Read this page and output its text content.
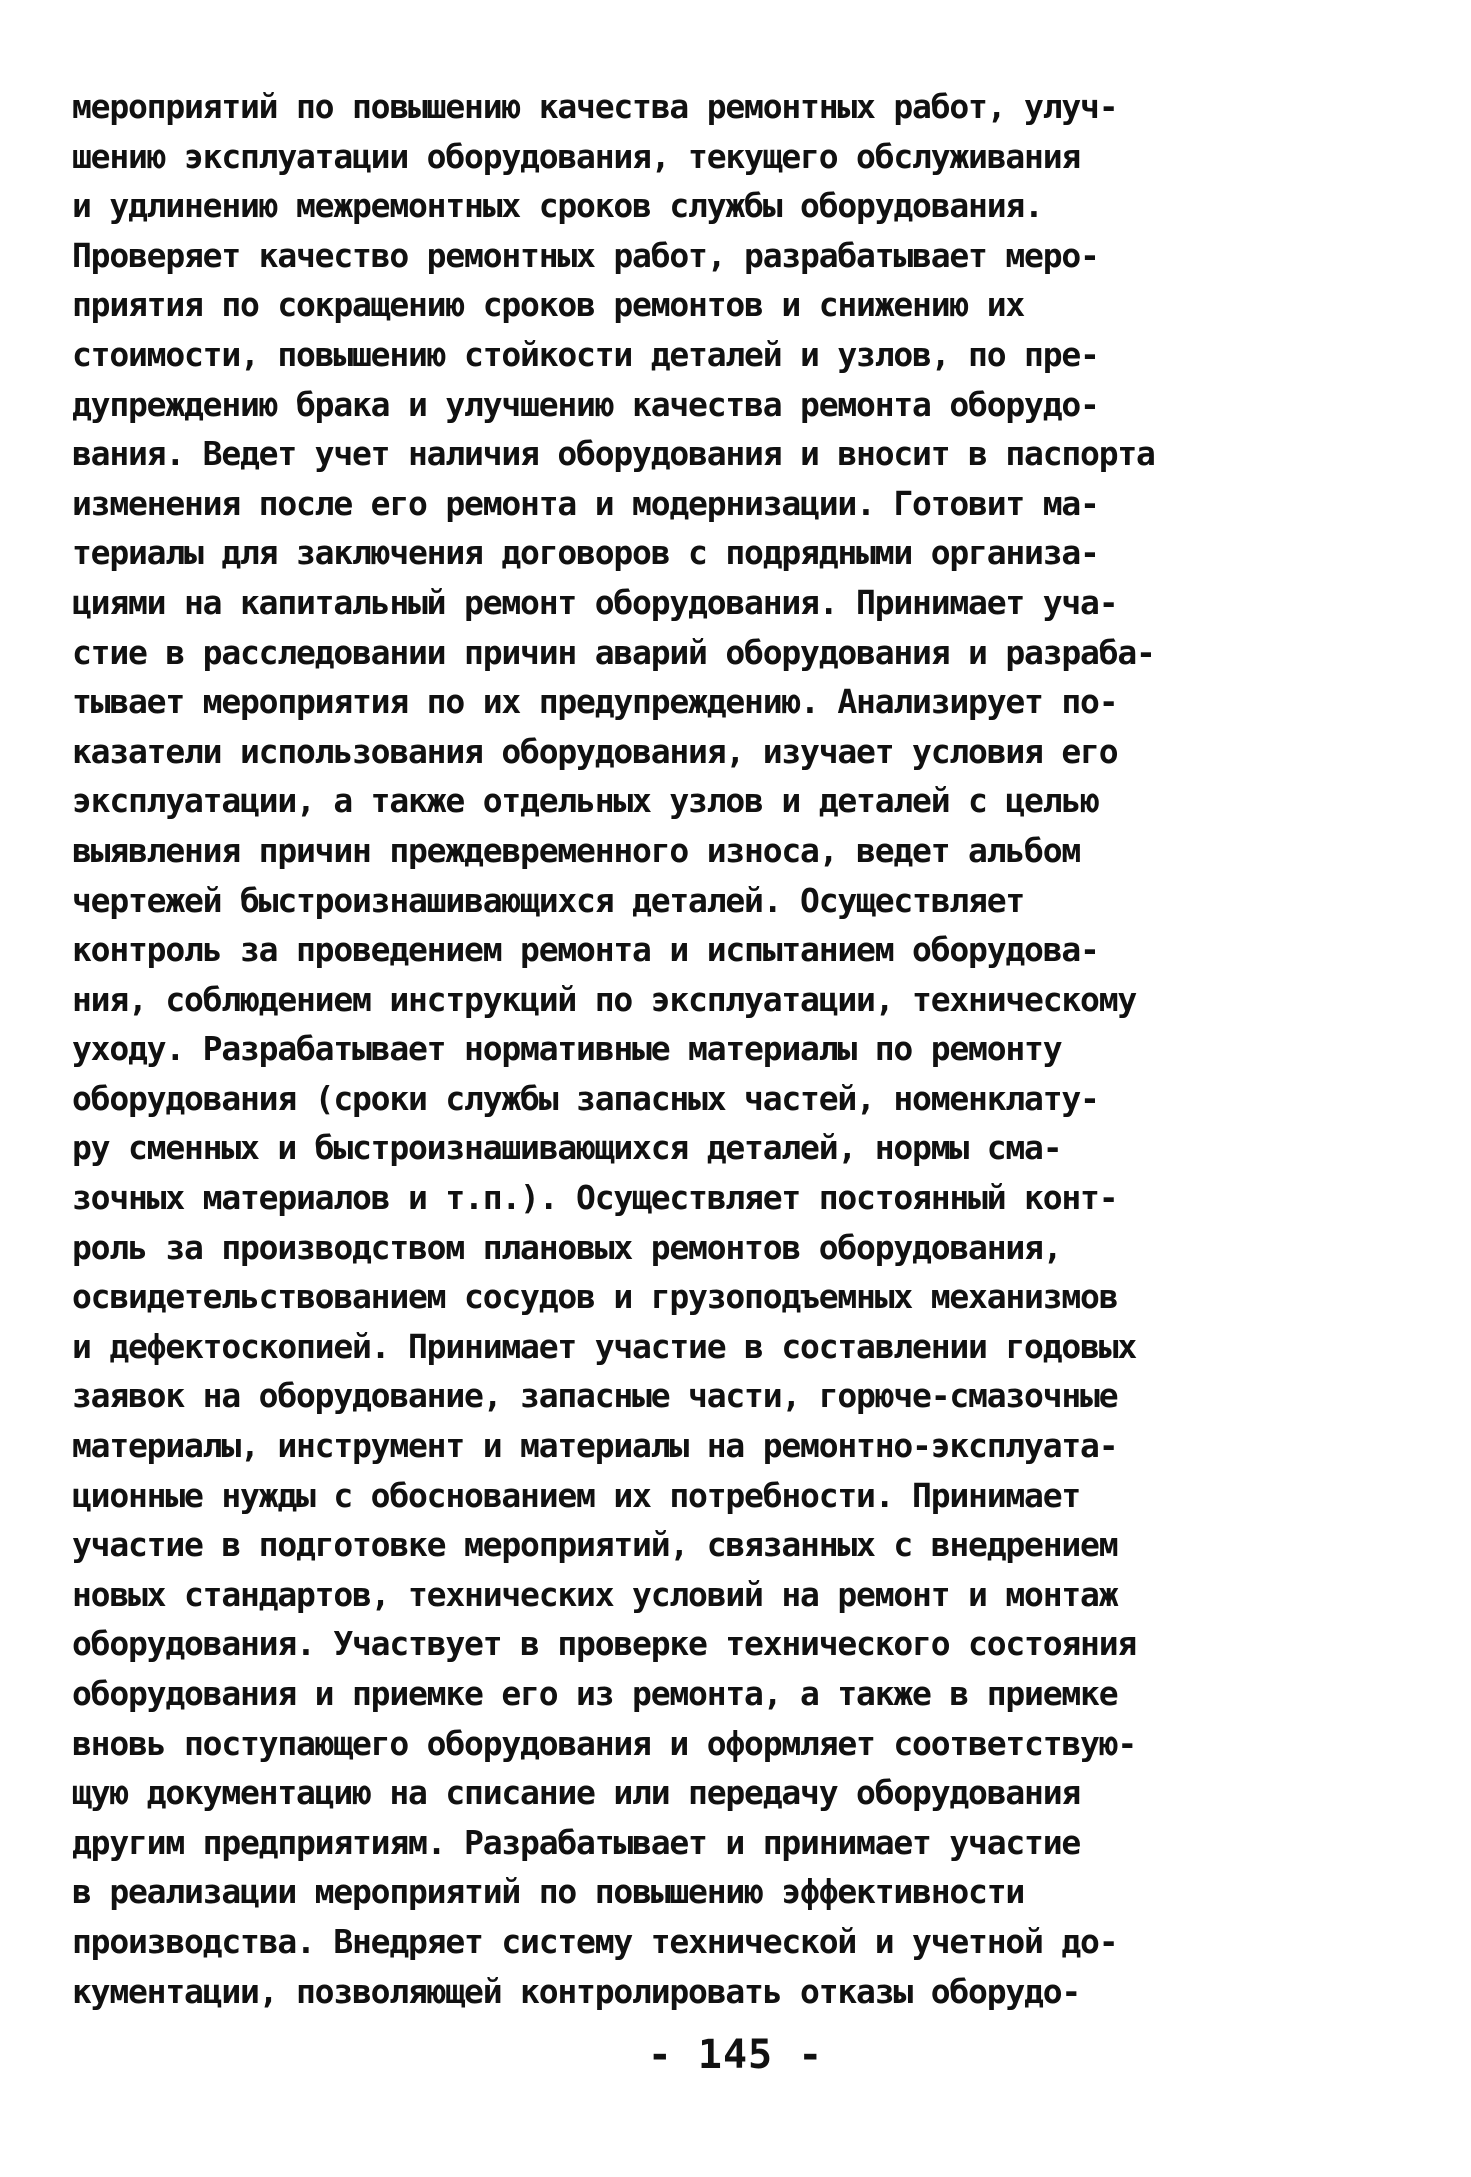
мероприятий по повышению качества ремонтных работ, улуч-
шению эксплуатации оборудования, текущего обслуживания
и удлинению межремонтных сроков службы оборудования.
Проверяет качество ремонтных работ, разрабатывает меро-
приятия по сокращению сроков ремонтов и снижению их
стоимости, повышению стойкости деталей и узлов, по пре-
дупреждению брака и улучшению качества ремонта оборудо-
вания. Ведет учет наличия оборудования и вносит в паспорта
изменения после его ремонта и модернизации. Готовит ма-
териалы для заключения договоров с подрядными организа-
циями на капитальный ремонт оборудования. Принимает уча-
стие в расследовании причин аварий оборудования и разраба-
тывает мероприятия по их предупреждению. Анализирует по-
казатели использования оборудования, изучает условия его
эксплуатации, а также отдельных узлов и деталей с целью
выявления причин преждевременного износа, ведет альбом
чертежей быстроизнашивающихся деталей. Осуществляет
контроль за проведением ремонта и испытанием оборудова-
ния, соблюдением инструкций по эксплуатации, техническому
уходу. Разрабатывает нормативные материалы по ремонту
оборудования (сроки службы запасных частей, номенклату-
ру сменных и быстроизнашивающихся деталей, нормы сма-
зочных материалов и т.п.). Осуществляет постоянный конт-
роль за производством плановых ремонтов оборудования,
освидетельствованием сосудов и грузоподъемных механизмов
и дефектоскопией. Принимает участие в составлении годовых
заявок на оборудование, запасные части, горюче-смазочные
материалы, инструмент и материалы на ремонтно-эксплуата-
ционные нужды с обоснованием их потребности. Принимает
участие в подготовке мероприятий, связанных с внедрением
новых стандартов, технических условий на ремонт и монтаж
оборудования. Участвует в проверке технического состояния
оборудования и приемке его из ремонта, а также в приемке
вновь поступающего оборудования и оформляет соответствую-
щую документацию на списание или передачу оборудования
другим предприятиям. Разрабатывает и принимает участие
в реализации мероприятий по повышению эффективности
производства. Внедряет систему технической и учетной до-
кументации, позволяющей контролировать отказы оборудо-
- 145 -
